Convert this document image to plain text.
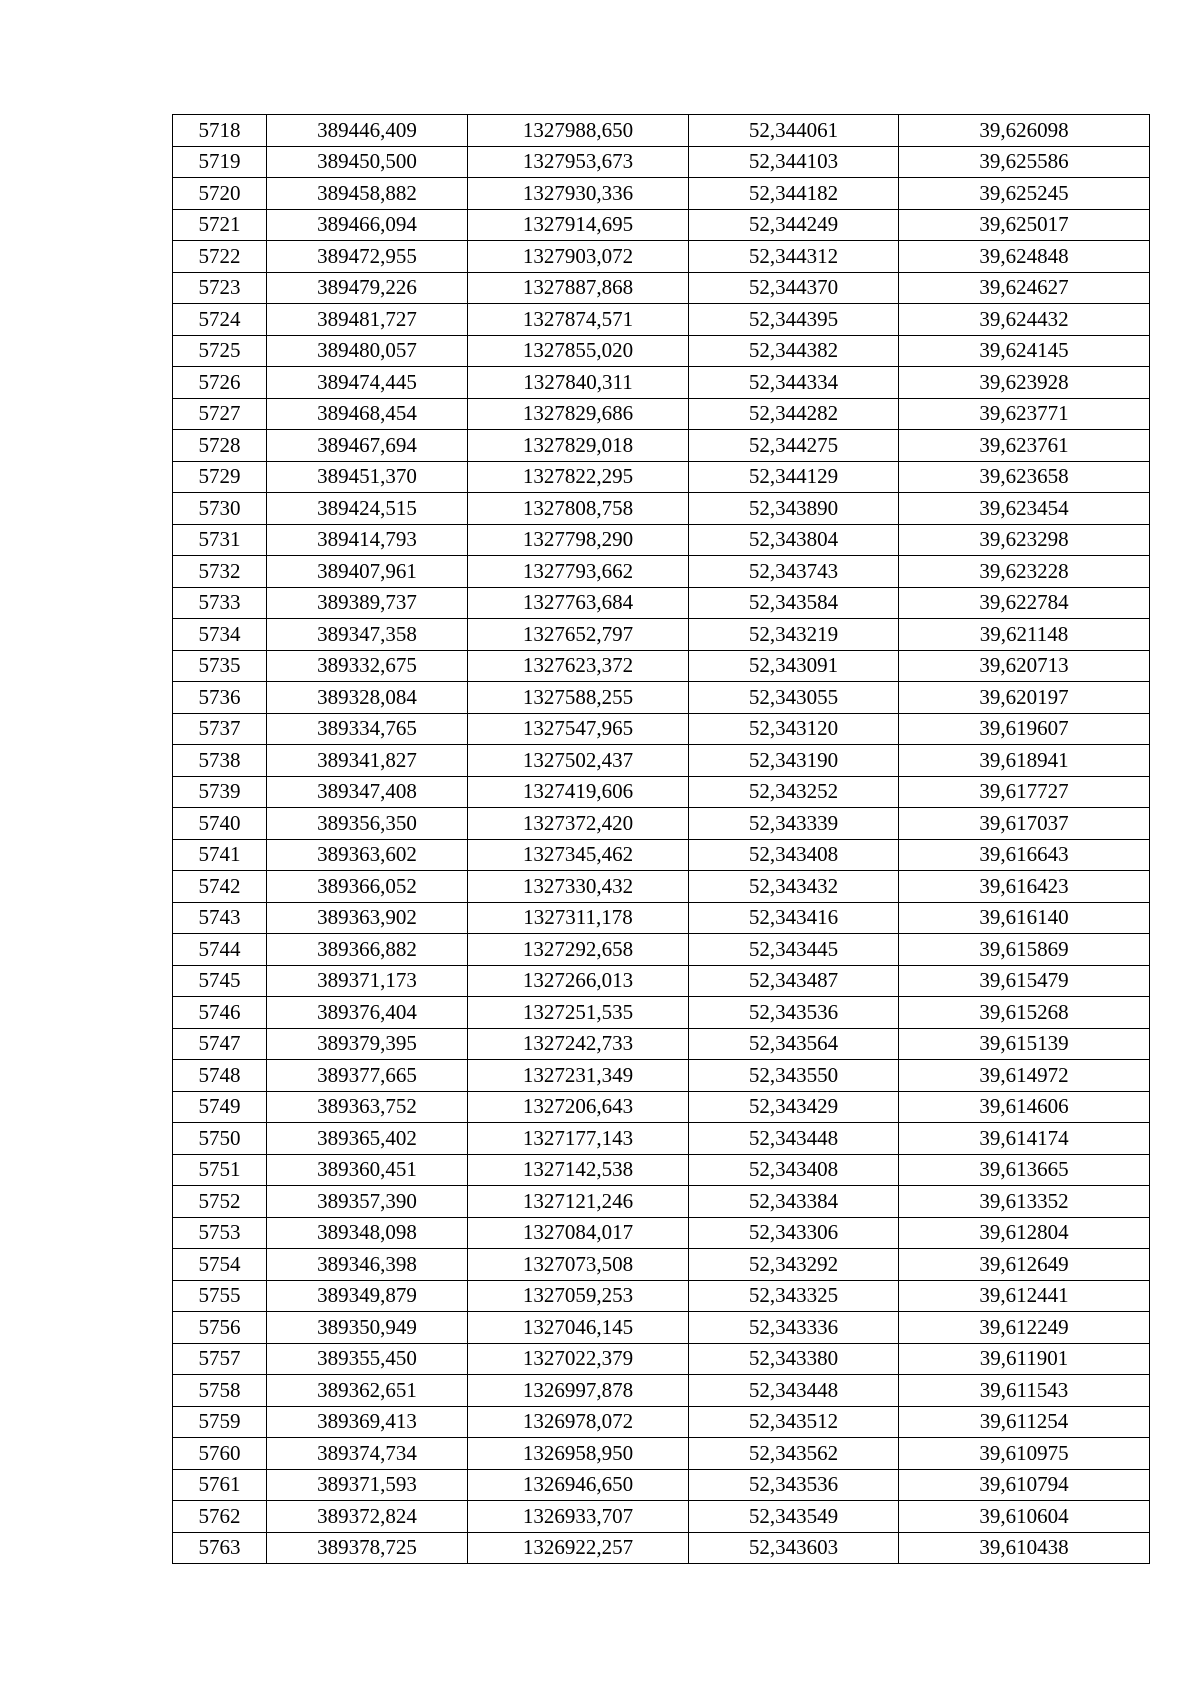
5718	389446,409	1327988,650	52,344061	39,626098
5719	389450,500	1327953,673	52,344103	39,625586
5720	389458,882	1327930,336	52,344182	39,625245
5721	389466,094	1327914,695	52,344249	39,625017
5722	389472,955	1327903,072	52,344312	39,624848
5723	389479,226	1327887,868	52,344370	39,624627
5724	389481,727	1327874,571	52,344395	39,624432
5725	389480,057	1327855,020	52,344382	39,624145
5726	389474,445	1327840,311	52,344334	39,623928
5727	389468,454	1327829,686	52,344282	39,623771
5728	389467,694	1327829,018	52,344275	39,623761
5729	389451,370	1327822,295	52,344129	39,623658
5730	389424,515	1327808,758	52,343890	39,623454
5731	389414,793	1327798,290	52,343804	39,623298
5732	389407,961	1327793,662	52,343743	39,623228
5733	389389,737	1327763,684	52,343584	39,622784
5734	389347,358	1327652,797	52,343219	39,621148
5735	389332,675	1327623,372	52,343091	39,620713
5736	389328,084	1327588,255	52,343055	39,620197
5737	389334,765	1327547,965	52,343120	39,619607
5738	389341,827	1327502,437	52,343190	39,618941
5739	389347,408	1327419,606	52,343252	39,617727
5740	389356,350	1327372,420	52,343339	39,617037
5741	389363,602	1327345,462	52,343408	39,616643
5742	389366,052	1327330,432	52,343432	39,616423
5743	389363,902	1327311,178	52,343416	39,616140
5744	389366,882	1327292,658	52,343445	39,615869
5745	389371,173	1327266,013	52,343487	39,615479
5746	389376,404	1327251,535	52,343536	39,615268
5747	389379,395	1327242,733	52,343564	39,615139
5748	389377,665	1327231,349	52,343550	39,614972
5749	389363,752	1327206,643	52,343429	39,614606
5750	389365,402	1327177,143	52,343448	39,614174
5751	389360,451	1327142,538	52,343408	39,613665
5752	389357,390	1327121,246	52,343384	39,613352
5753	389348,098	1327084,017	52,343306	39,612804
5754	389346,398	1327073,508	52,343292	39,612649
5755	389349,879	1327059,253	52,343325	39,612441
5756	389350,949	1327046,145	52,343336	39,612249
5757	389355,450	1327022,379	52,343380	39,611901
5758	389362,651	1326997,878	52,343448	39,611543
5759	389369,413	1326978,072	52,343512	39,611254
5760	389374,734	1326958,950	52,343562	39,610975
5761	389371,593	1326946,650	52,343536	39,610794
5762	389372,824	1326933,707	52,343549	39,610604
5763	389378,725	1326922,257	52,343603	39,610438
